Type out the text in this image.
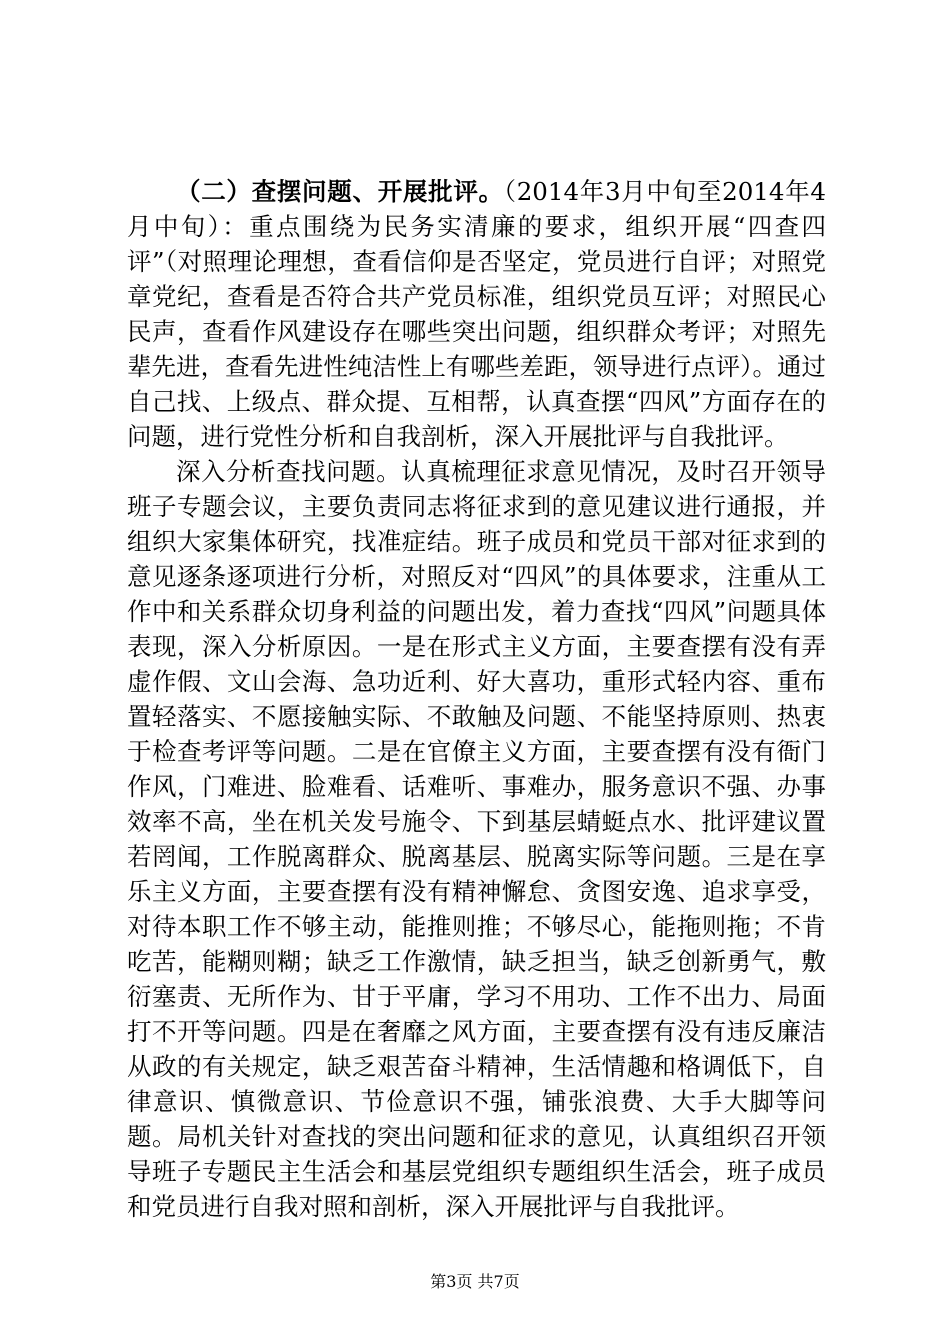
（二）查摆问题、开展批评。（2014年3月中旬至2014年4月中旬）：重点围绕为民务实清廉的要求，组织开展“四查四评”（对照理论理想，查看信仰是否坚定，党员进行自评；对照党章党纪，查看是否符合共产党员标准，组织党员互评；对照民心民声，查看作风建设存在哪些突出问题，组织群众考评；对照先辈先进，查看先进性纯洁性上有哪些差距，领导进行点评）。通过自己找、上级点、群众提、互相帮，认真查摆“四风”方面存在的问题，进行党性分析和自我剖析，深入开展批评与自我批评。

深入分析查找问题。认真梳理征求意见情况，及时召开领导班子专题会议，主要负责同志将征求到的意见建议进行通报，并组织大家集体研究，找准症结。班子成员和党员干部对征求到的意见逐条逐项进行分析，对照反对“四风”的具体要求，注重从工作中和关系群众切身利益的问题出发，着力查找“四风”问题具体表现，深入分析原因。一是在形式主义方面，主要查摆有没有弄虚作假、文山会海、急功近利、好大喜功，重形式轻内容、重布置轻落实、不愿接触实际、不敢触及问题、不能坚持原则、热衷于检查考评等问题。二是在官僚主义方面，主要查摆有没有衙门作风，门难进、脸难看、话难听、事难办，服务意识不强、办事效率不高，坐在机关发号施令、下到基层蜻蜓点水、批评建议置若罔闻，工作脱离群众、脱离基层、脱离实际等问题。三是在享乐主义方面，主要查摆有没有精神懈怠、贪图安逸、追求享受，对待本职工作不够主动，能推则推；不够尽心，能拖则拖；不肯吃苦，能糊则糊；缺乏工作激情，缺乏担当，缺乏创新勇气，敷衍塞责、无所作为、甘于平庸，学习不用功、工作不出力、局面打不开等问题。四是在奢靡之风方面，主要查摆有没有违反廉洁从政的有关规定，缺乏艰苦奋斗精神，生活情趣和格调低下，自律意识、慎微意识、节俭意识不强，铺张浪费、大手大脚等问题。局机关针对查找的突出问题和征求的意见，认真组织召开领导班子专题民主生活会和基层党组织专题组织生活会，班子成员和党员进行自我对照和剖析，深入开展批评与自我批评。

第3页 共7页
